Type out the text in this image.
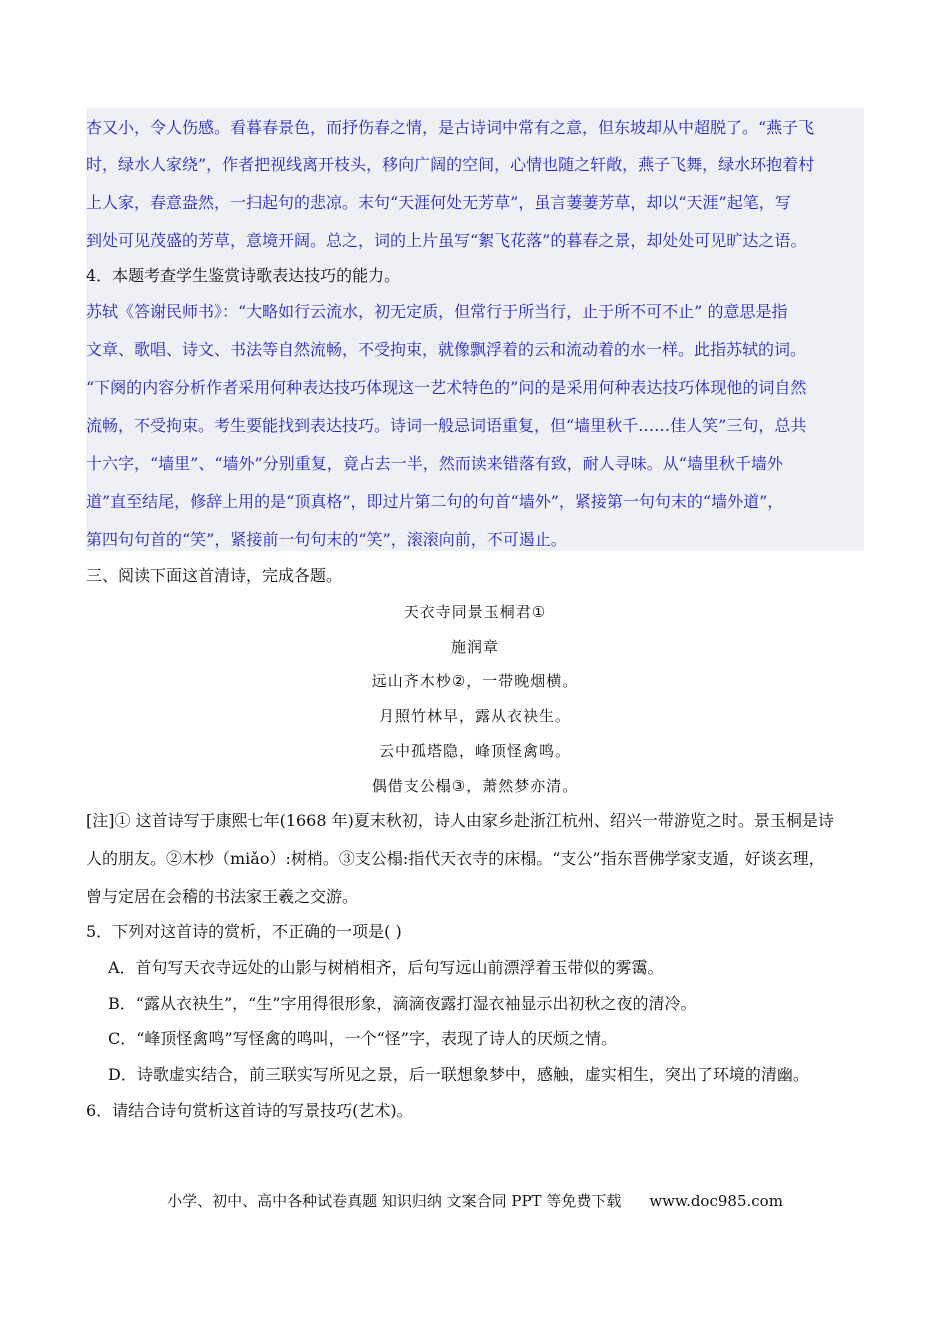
杏又小，令人伤感。看暮春景色，而抒伤春之情，是古诗词中常有之意，但东坡却从中超脱了。“燕子飞
时，绿水人家绕”，作者把视线离开枝头，移向广阔的空间，心情也随之轩敞，燕子飞舞，绿水环抱着村
上人家，春意盎然，一扫起句的悲凉。末句“天涯何处无芳草”，虽言萋萋芳草，却以“天涯”起笔，写
到处可见茂盛的芳草，意境开阔。总之，词的上片虽写“絮飞花落”的暮春之景，却处处可见旷达之语。
4．本题考查学生鉴赏诗歌表达技巧的能力。
苏轼《答谢民师书》：“大略如行云流水，初无定质，但常行于所当行，止于所不可不止” 的意思是指
文章、歌唱、诗文、书法等自然流畅，不受拘束，就像飘浮着的云和流动着的水一样。此指苏轼的词。
“下阕的内容分析作者采用何种表达技巧体现这一艺术特色的”问的是采用何种表达技巧体现他的词自然
流畅，不受拘束。考生要能找到表达技巧。诗词一般忌词语重复，但“墙里秋千……佳人笑”三句，总共
十六字，“墙里”、“墙外”分别重复，竟占去一半，然而读来错落有致，耐人寻味。从“墙里秋千墙外
道”直至结尾，修辞上用的是“顶真格”，即过片第二句的句首“墙外”，紧接第一句句末的“墙外道”，
第四句句首的“笑”，紧接前一句句末的“笑”，滚滚向前，不可遏止。
三、阅读下面这首清诗，完成各题。
天衣寺同景玉桐君①
施润章
远山齐木杪②，一带晚烟横。
月照竹林早，露从衣袂生。
云中孤塔隐，峰顶怪禽鸣。
偶借支公榻③，萧然梦亦清。
[注]① 这首诗写于康熙七年(1668 年)夏末秋初，诗人由家乡赴浙江杭州、绍兴一带游览之时。景玉桐是诗
人的朋友。②木杪（miǎo）:树梢。③支公榻:指代天衣寺的床榻。“支公”指东晋佛学家支遁，好谈玄理，
曾与定居在会稽的书法家王羲之交游。
5．下列对这首诗的赏析，不正确的一项是( )
A．首句写天衣寺远处的山影与树梢相齐，后句写远山前漂浮着玉带似的雾霭。
B．“露从衣袂生”，“生”字用得很形象，滴滴夜露打湿衣袖显示出初秋之夜的清冷。
C．“峰顶怪禽鸣”写怪禽的鸣叫，一个“怪”字，表现了诗人的厌烦之情。
D．诗歌虚实结合，前三联实写所见之景，后一联想象梦中，感触，虚实相生，突出了环境的清幽。
6．请结合诗句赏析这首诗的写景技巧(艺术)。
小学、初中、高中各种试卷真题 知识归纳 文案合同 PPT 等免费下载 www.doc985.com
